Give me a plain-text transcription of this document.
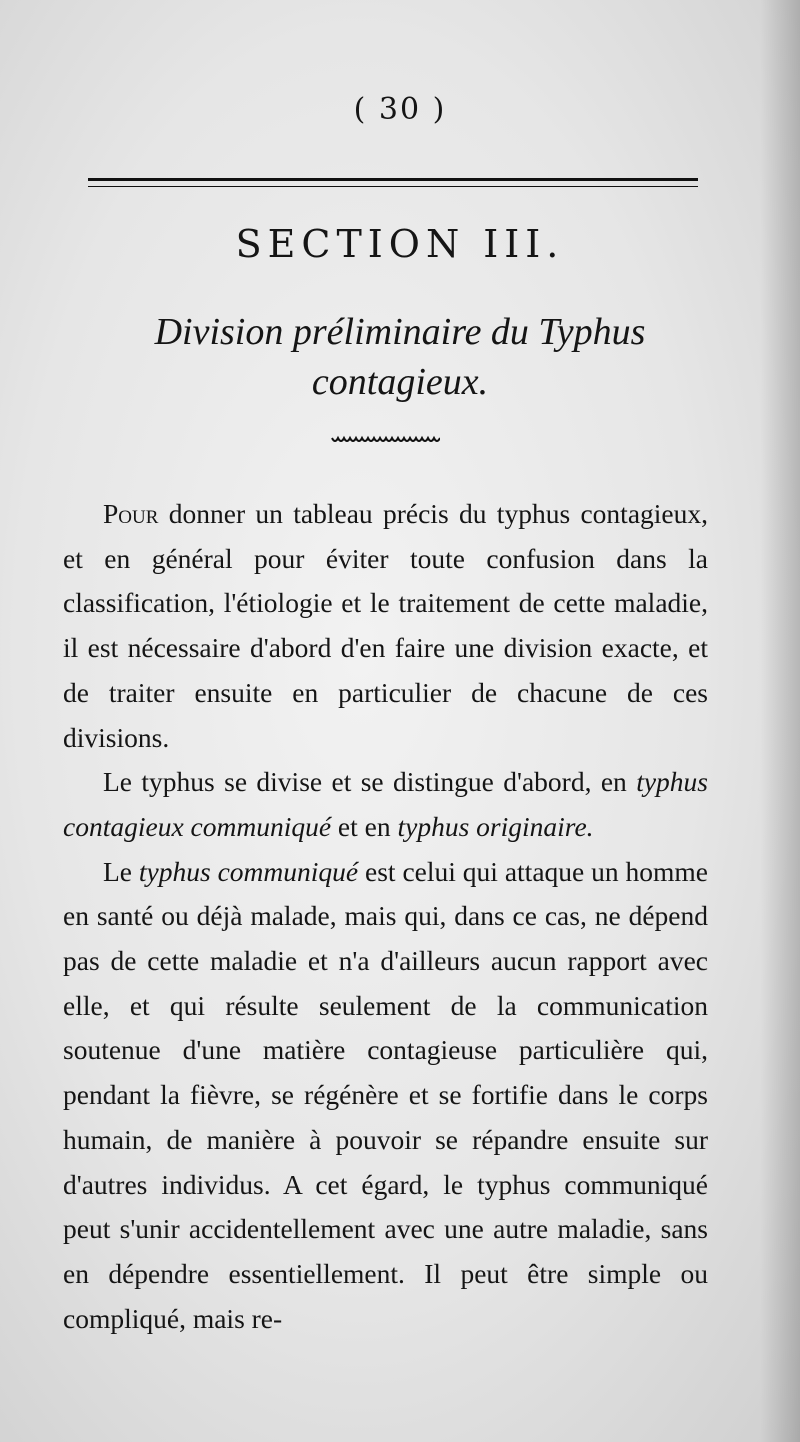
( 30 )
SECTION III.
Division préliminaire du Typhus
contagieux.

Pour donner un tableau précis du typhus contagieux, et en général pour éviter toute confusion dans la classification, l'étiologie et le traitement de cette maladie, il est nécessaire d'abord d'en faire une division exacte, et de traiter ensuite en particulier de chacune de ces divisions.

Le typhus se divise et se distingue d'abord, en typhus contagieux communiqué et en typhus originaire.

Le typhus communiqué est celui qui attaque un homme en santé ou déjà malade, mais qui, dans ce cas, ne dépend pas de cette maladie et n'a d'ailleurs aucun rapport avec elle, et qui résulte seulement de la communication soutenue d'une matière contagieuse particulière qui, pendant la fièvre, se régénère et se fortifie dans le corps humain, de manière à pouvoir se répandre ensuite sur d'autres individus. A cet égard, le typhus communiqué peut s'unir accidentellement avec une autre maladie, sans en dépendre essentiellement. Il peut être simple ou compliqué, mais re-
